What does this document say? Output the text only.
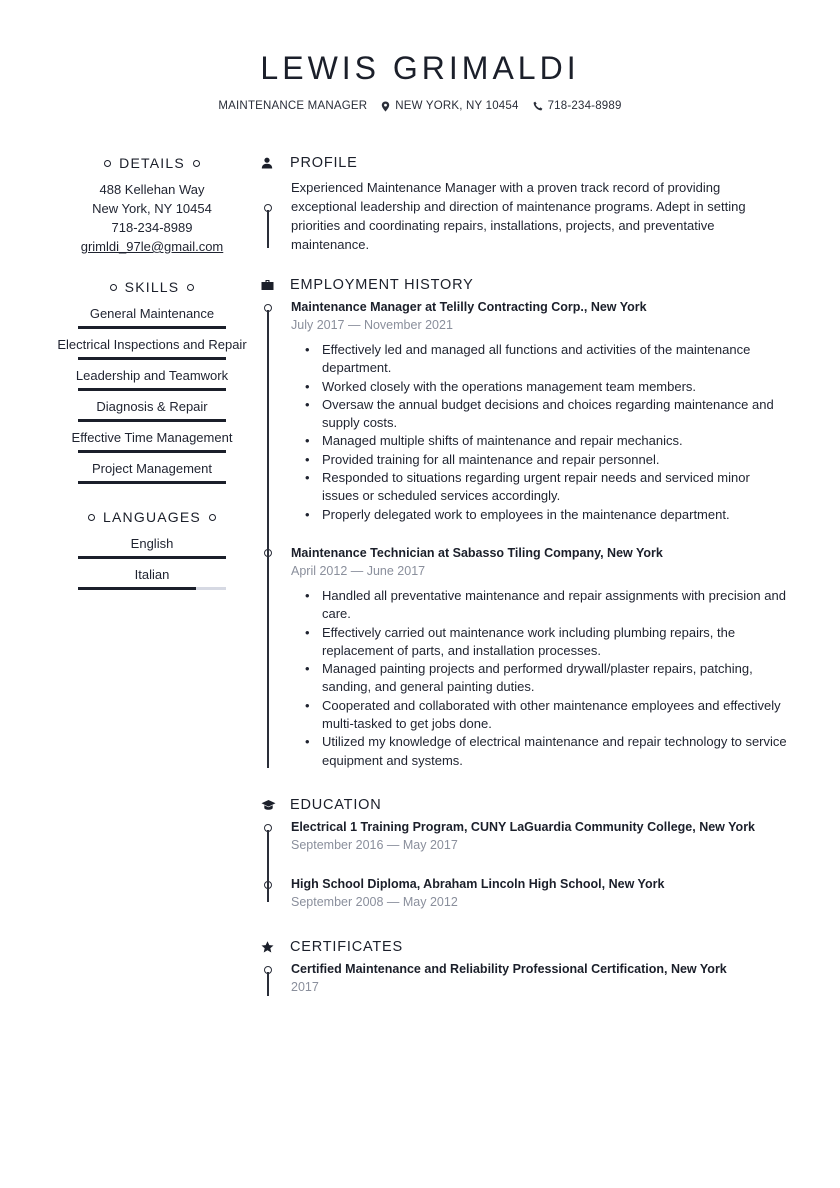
LEWIS GRIMALDI
MAINTENANCE MANAGER NEW YORK, NY 10454	718-234-8989
DETAILS
488 Kellehan Way
New York, NY 10454
718-234-8989
grimldi_97le@gmail.com
SKILLS
General Maintenance
Electrical Inspections and Repair
Leadership and Teamwork
Diagnosis & Repair
Effective Time Management
Project Management
LANGUAGES
English
Italian
PROFILE
Experienced Maintenance Manager with a proven track record of providing exceptional leadership and direction of maintenance programs. Adept in setting priorities and coordinating repairs, installations, projects, and preventative maintenance.
EMPLOYMENT HISTORY
Maintenance Manager at Telilly Contracting Corp., New York
July 2017 — November 2021
• Effectively led and managed all functions and activities of the maintenance department.
• Worked closely with the operations management team members.
• Oversaw the annual budget decisions and choices regarding maintenance and supply costs.
• Managed multiple shifts of maintenance and repair mechanics.
• Provided training for all maintenance and repair personnel.
• Responded to situations regarding urgent repair needs and serviced minor issues or scheduled services accordingly.
• Properly delegated work to employees in the maintenance department.
Maintenance Technician at Sabasso Tiling Company, New York
April 2012 — June 2017
• Handled all preventative maintenance and repair assignments with precision and care.
• Effectively carried out maintenance work including plumbing repairs, the replacement of parts, and installation processes.
• Managed painting projects and performed drywall/plaster repairs, patching, sanding, and general painting duties.
• Cooperated and collaborated with other maintenance employees and effectively multi-tasked to get jobs done.
• Utilized my knowledge of electrical maintenance and repair technology to service equipment and systems.
EDUCATION
Electrical 1 Training Program, CUNY LaGuardia Community College, New York
September 2016 — May 2017
High School Diploma, Abraham Lincoln High School, New York
September 2008 — May 2012
CERTIFICATES
Certified Maintenance and Reliability Professional Certification, New York
2017
